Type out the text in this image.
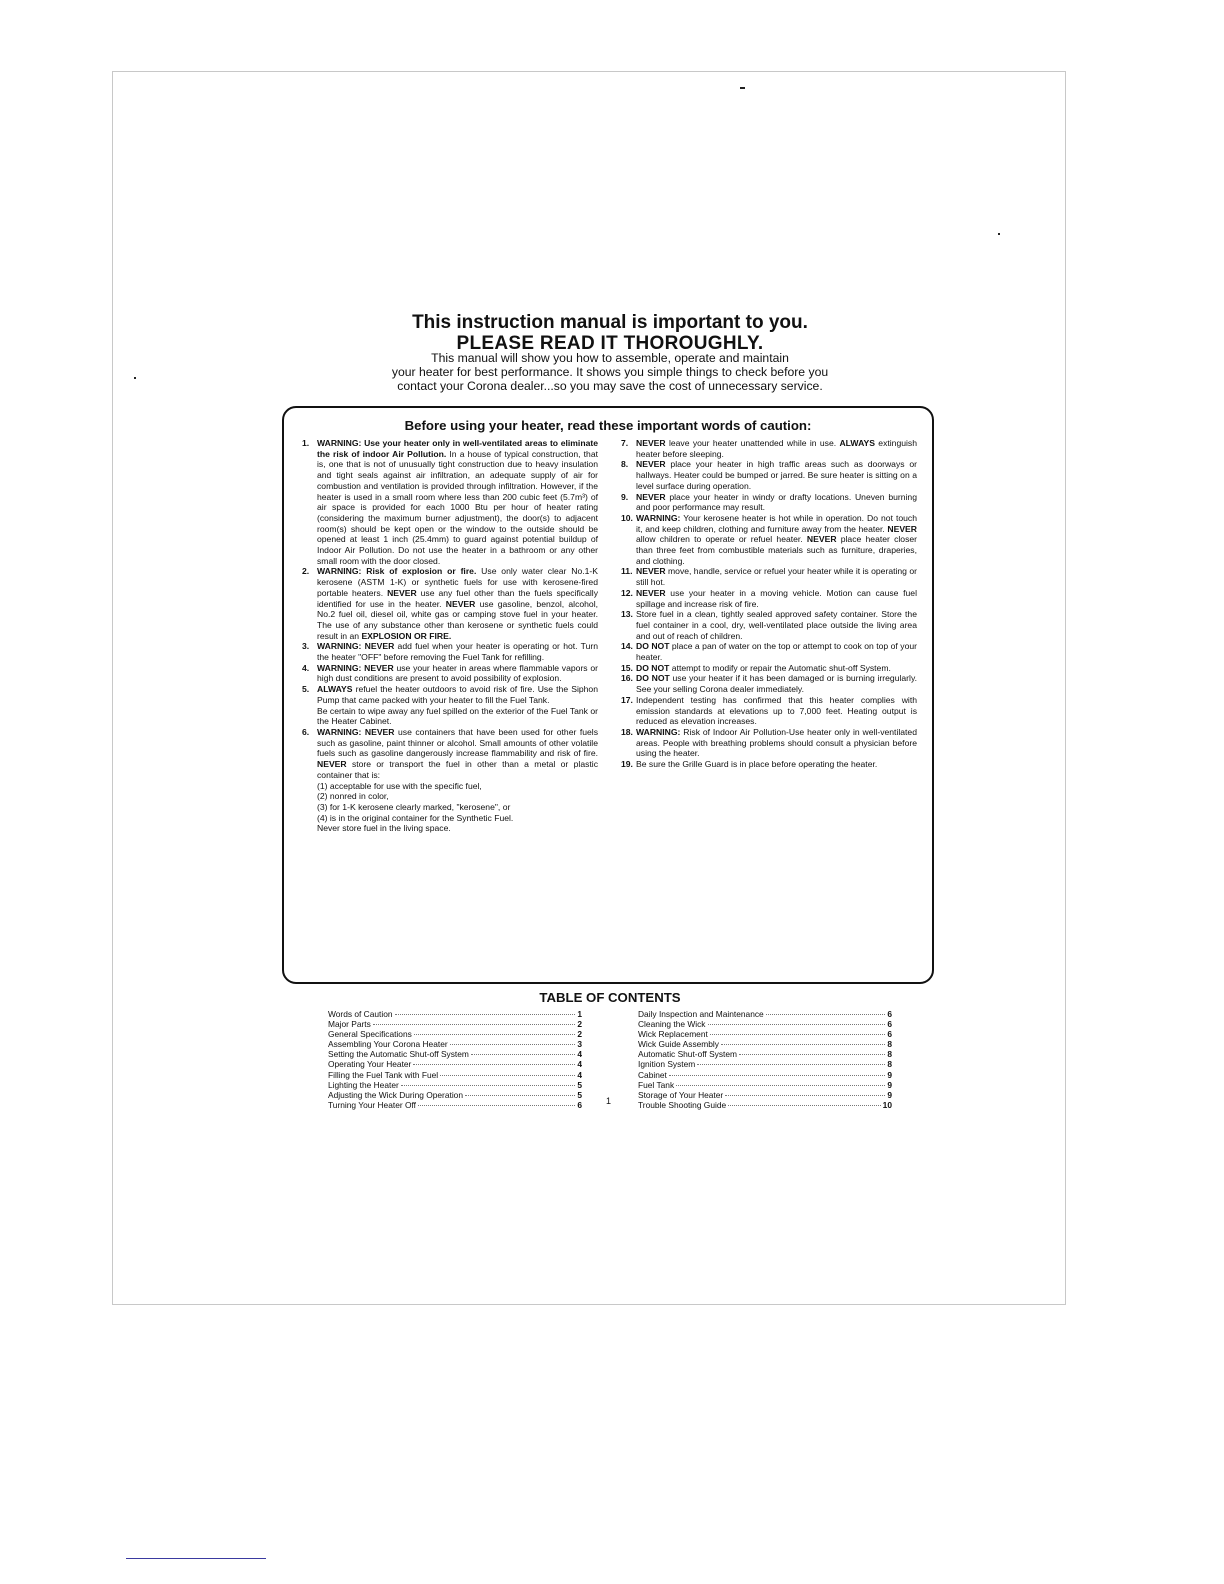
This instruction manual is important to you.
PLEASE READ IT THOROUGHLY.
This manual will show you how to assemble, operate and maintain
your heater for best performance. It shows you simple things to check before you
contact your Corona dealer...so you may save the cost of unnecessary service.
Before using your heater, read these important words of caution:
1. WARNING: Use your heater only in well-ventilated areas to eliminate the risk of indoor Air Pollution. In a house of typical construction, that is, one that is not of unusually tight construction due to heavy insulation and tight seals against air infiltration, an adequate supply of air for combustion and ventilation is provided through infiltration. However, if the heater is used in a small room where less than 200 cubic feet (5.7m³) of air space is provided for each 1000 Btu per hour of heater rating (considering the maximum burner adjustment), the door(s) to adjacent room(s) should be kept open or the window to the outside should be opened at least 1 inch (25.4mm) to guard against potential buildup of Indoor Air Pollution. Do not use the heater in a bathroom or any other small room with the door closed.
2. WARNING: Risk of explosion or fire. Use only water clear No.1-K kerosene (ASTM 1-K) or synthetic fuels for use with kerosene-fired portable heaters. NEVER use any fuel other than the fuels specifically identified for use in the heater. NEVER use gasoline, benzol, alcohol, No.2 fuel oil, diesel oil, white gas or camping stove fuel in your heater. The use of any substance other than kerosene or synthetic fuels could result in an EXPLOSION OR FIRE.
3. WARNING: NEVER add fuel when your heater is operating or hot. Turn the heater "OFF" before removing the Fuel Tank for refilling.
4. WARNING: NEVER use your heater in areas where flammable vapors or high dust conditions are present to avoid possibility of explosion.
5. ALWAYS refuel the heater outdoors to avoid risk of fire. Use the Siphon Pump that came packed with your heater to fill the Fuel Tank.
Be certain to wipe away any fuel spilled on the exterior of the Fuel Tank or the Heater Cabinet.
6. WARNING: NEVER use containers that have been used for other fuels such as gasoline, paint thinner or alcohol. Small amounts of other volatile fuels such as gasoline dangerously increase flammability and risk of fire. NEVER store or transport the fuel in other than a metal or plastic container that is:
(1) acceptable for use with the specific fuel,
(2) nonred in color,
(3) for 1-K kerosene clearly marked, "kerosene", or
(4) is in the original container for the Synthetic Fuel.
Never store fuel in the living space.
7. NEVER leave your heater unattended while in use. ALWAYS extinguish heater before sleeping.
8. NEVER place your heater in high traffic areas such as doorways or hallways. Heater could be bumped or jarred. Be sure heater is sitting on a level surface during operation.
9. NEVER place your heater in windy or drafty locations. Uneven burning and poor performance may result.
10. WARNING: Your kerosene heater is hot while in operation. Do not touch it, and keep children, clothing and furniture away from the heater. NEVER allow children to operate or refuel heater. NEVER place heater closer than three feet from combustible materials such as furniture, draperies, and clothing.
11. NEVER move, handle, service or refuel your heater while it is operating or still hot.
12. NEVER use your heater in a moving vehicle. Motion can cause fuel spillage and increase risk of fire.
13. Store fuel in a clean, tightly sealed approved safety container. Store the fuel container in a cool, dry, well-ventilated place outside the living area and out of reach of children.
14. DO NOT place a pan of water on the top or attempt to cook on top of your heater.
15. DO NOT attempt to modify or repair the Automatic shut-off System.
16. DO NOT use your heater if it has been damaged or is burning irregularly. See your selling Corona dealer immediately.
17. Independent testing has confirmed that this heater complies with emission standards at elevations up to 7,000 feet. Heating output is reduced as elevation increases.
18. WARNING: Risk of Indoor Air Pollution-Use heater only in well-ventilated areas. People with breathing problems should consult a physician before using the heater.
19. Be sure the Grille Guard is in place before operating the heater.
TABLE OF CONTENTS
Words of Caution	1
Major Parts	2
General Specifications	2
Assembling Your Corona Heater	3
Setting the Automatic Shut-off System	4
Operating Your Heater	4
Filling the Fuel Tank with Fuel	4
Lighting the Heater	5
Adjusting the Wick During Operation	5
Turning Your Heater Off	6
Daily Inspection and Maintenance	6
Cleaning the Wick	6
Wick Replacement	6
Wick Guide Assembly	8
Automatic Shut-off System	8
Ignition System	8
Cabinet	9
Fuel Tank	9
Storage of Your Heater	9
Trouble Shooting Guide	10
1
